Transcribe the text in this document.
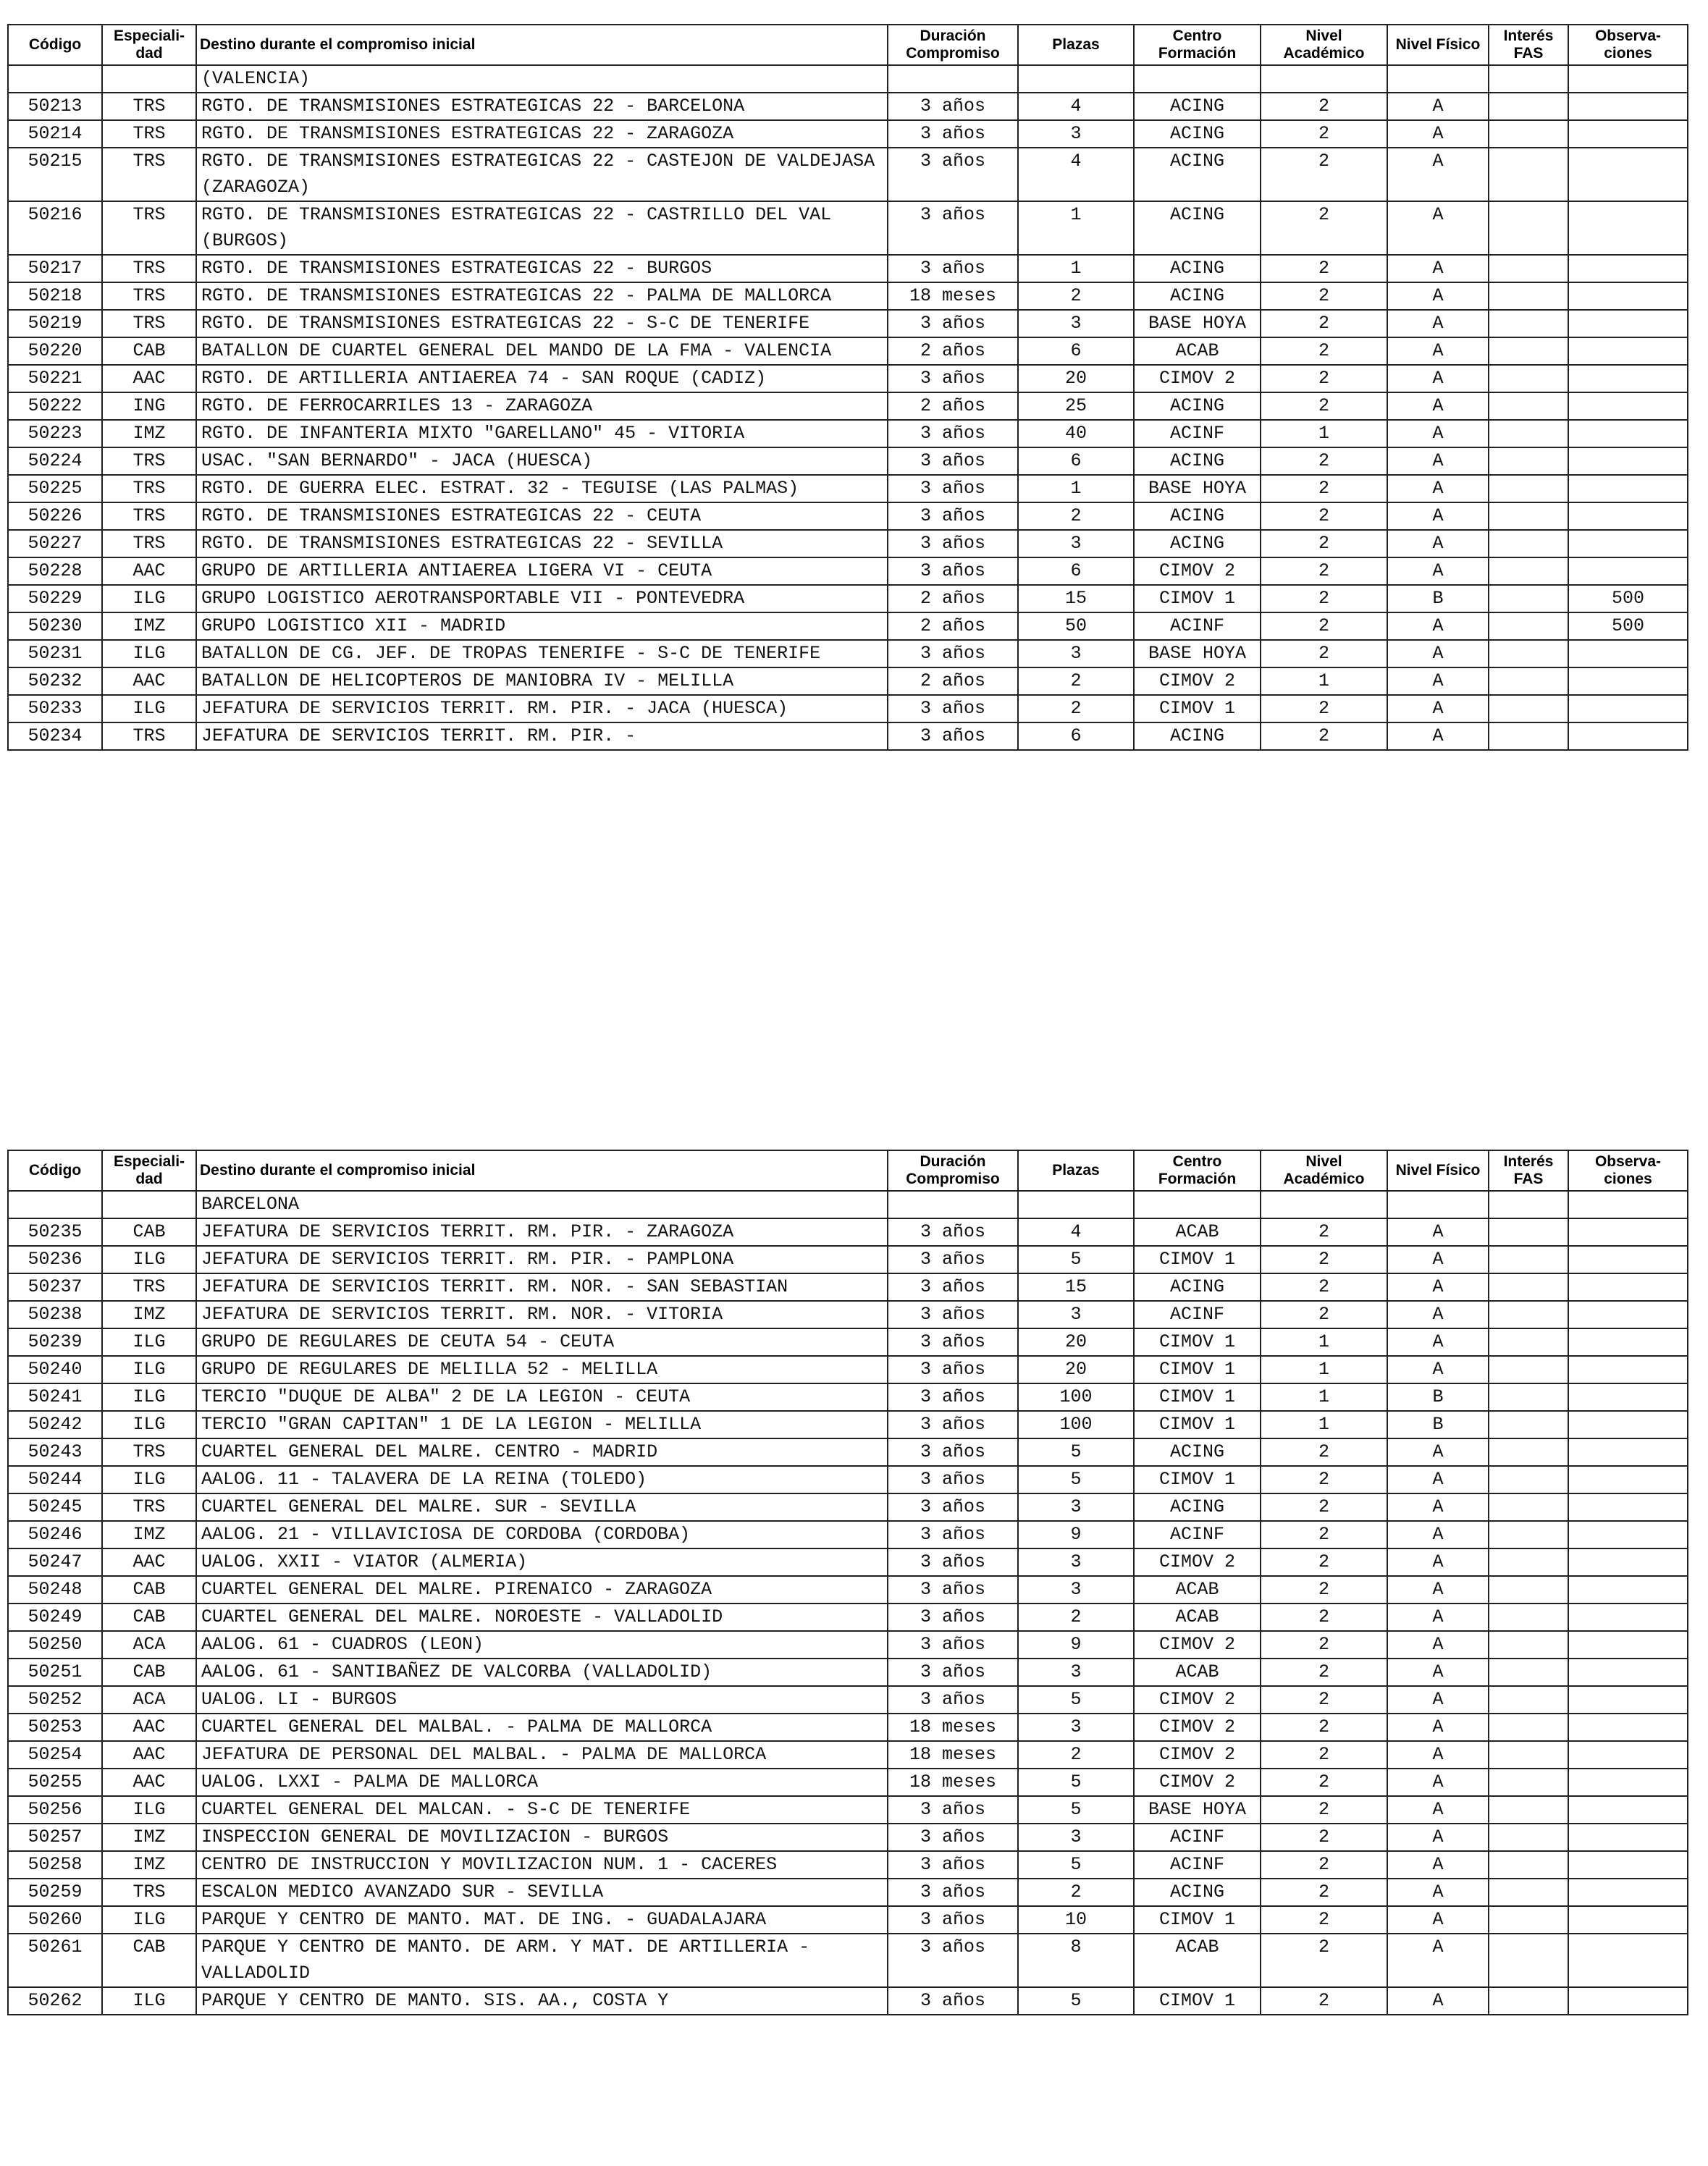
Código	Especiali-dad	Destino durante el compromiso inicial	Duración Compromiso	Plazas	Centro Formación	Nivel Académico	Nivel Físico	Interés FAS	Observa-ciones
		(VALENCIA)							
50213	TRS	RGTO. DE TRANSMISIONES ESTRATEGICAS 22 - BARCELONA	3 años	4	ACING	2	A		
50214	TRS	RGTO. DE TRANSMISIONES ESTRATEGICAS 22 - ZARAGOZA	3 años	3	ACING	2	A		
50215	TRS	RGTO. DE TRANSMISIONES ESTRATEGICAS 22 - CASTEJON DE VALDEJASA (ZARAGOZA)	3 años	4	ACING	2	A		
50216	TRS	RGTO. DE TRANSMISIONES ESTRATEGICAS 22 - CASTRILLO DEL VAL (BURGOS)	3 años	1	ACING	2	A		
50217	TRS	RGTO. DE TRANSMISIONES ESTRATEGICAS 22 - BURGOS	3 años	1	ACING	2	A		
50218	TRS	RGTO. DE TRANSMISIONES ESTRATEGICAS 22 - PALMA DE MALLORCA	18 meses	2	ACING	2	A		
50219	TRS	RGTO. DE TRANSMISIONES ESTRATEGICAS 22 - S-C DE TENERIFE	3 años	3	BASE HOYA	2	A		
50220	CAB	BATALLON DE CUARTEL GENERAL DEL MANDO DE LA FMA - VALENCIA	2 años	6	ACAB	2	A		
50221	AAC	RGTO. DE ARTILLERIA ANTIAEREA 74 - SAN ROQUE (CADIZ)	3 años	20	CIMOV 2	2	A		
50222	ING	RGTO. DE FERROCARRILES 13 - ZARAGOZA	2 años	25	ACING	2	A		
50223	IMZ	RGTO. DE INFANTERIA MIXTO "GARELLANO" 45 - VITORIA	3 años	40	ACINF	1	A		
50224	TRS	USAC. "SAN BERNARDO" - JACA (HUESCA)	3 años	6	ACING	2	A		
50225	TRS	RGTO. DE GUERRA ELEC. ESTRAT. 32 - TEGUISE (LAS PALMAS)	3 años	1	BASE HOYA	2	A		
50226	TRS	RGTO. DE TRANSMISIONES ESTRATEGICAS 22 - CEUTA	3 años	2	ACING	2	A		
50227	TRS	RGTO. DE TRANSMISIONES ESTRATEGICAS 22 - SEVILLA	3 años	3	ACING	2	A		
50228	AAC	GRUPO DE ARTILLERIA ANTIAEREA LIGERA VI - CEUTA	3 años	6	CIMOV 2	2	A		
50229	ILG	GRUPO LOGISTICO AEROTRANSPORTABLE VII - PONTEVEDRA	2 años	15	CIMOV 1	2	B		500
50230	IMZ	GRUPO LOGISTICO XII - MADRID	2 años	50	ACINF	2	A		500
50231	ILG	BATALLON DE CG. JEF. DE TROPAS TENERIFE - S-C DE TENERIFE	3 años	3	BASE HOYA	2	A		
50232	AAC	BATALLON DE HELICOPTEROS DE MANIOBRA IV - MELILLA	2 años	2	CIMOV 2	1	A		
50233	ILG	JEFATURA DE SERVICIOS TERRIT. RM. PIR. - JACA (HUESCA)	3 años	2	CIMOV 1	2	A		
50234	TRS	JEFATURA DE SERVICIOS TERRIT. RM. PIR. -	3 años	6	ACING	2	A		
Código	Especiali-dad	Destino durante el compromiso inicial	Duración Compromiso	Plazas	Centro Formación	Nivel Académico	Nivel Físico	Interés FAS	Observa-ciones
		BARCELONA							
50235	CAB	JEFATURA DE SERVICIOS TERRIT. RM. PIR. - ZARAGOZA	3 años	4	ACAB	2	A		
50236	ILG	JEFATURA DE SERVICIOS TERRIT. RM. PIR. - PAMPLONA	3 años	5	CIMOV 1	2	A		
50237	TRS	JEFATURA DE SERVICIOS TERRIT. RM. NOR. - SAN SEBASTIAN	3 años	15	ACING	2	A		
50238	IMZ	JEFATURA DE SERVICIOS TERRIT. RM. NOR. - VITORIA	3 años	3	ACINF	2	A		
50239	ILG	GRUPO DE REGULARES DE CEUTA 54 - CEUTA	3 años	20	CIMOV 1	1	A		
50240	ILG	GRUPO DE REGULARES DE MELILLA 52 - MELILLA	3 años	20	CIMOV 1	1	A		
50241	ILG	TERCIO "DUQUE DE ALBA" 2 DE LA LEGION - CEUTA	3 años	100	CIMOV 1	1	B		
50242	ILG	TERCIO "GRAN CAPITAN" 1 DE LA LEGION - MELILLA	3 años	100	CIMOV 1	1	B		
50243	TRS	CUARTEL GENERAL DEL MALRE. CENTRO - MADRID	3 años	5	ACING	2	A		
50244	ILG	AALOG. 11 - TALAVERA DE LA REINA (TOLEDO)	3 años	5	CIMOV 1	2	A		
50245	TRS	CUARTEL GENERAL DEL MALRE. SUR - SEVILLA	3 años	3	ACING	2	A		
50246	IMZ	AALOG. 21 - VILLAVICIOSA DE CORDOBA (CORDOBA)	3 años	9	ACINF	2	A		
50247	AAC	UALOG. XXII - VIATOR (ALMERIA)	3 años	3	CIMOV 2	2	A		
50248	CAB	CUARTEL GENERAL DEL MALRE. PIRENAICO - ZARAGOZA	3 años	3	ACAB	2	A		
50249	CAB	CUARTEL GENERAL DEL MALRE. NOROESTE - VALLADOLID	3 años	2	ACAB	2	A		
50250	ACA	AALOG. 61 - CUADROS (LEON)	3 años	9	CIMOV 2	2	A		
50251	CAB	AALOG. 61 - SANTIBAÑEZ DE VALCORBA (VALLADOLID)	3 años	3	ACAB	2	A		
50252	ACA	UALOG. LI - BURGOS	3 años	5	CIMOV 2	2	A		
50253	AAC	CUARTEL GENERAL DEL MALBAL. - PALMA DE MALLORCA	18 meses	3	CIMOV 2	2	A		
50254	AAC	JEFATURA DE PERSONAL DEL MALBAL. - PALMA DE MALLORCA	18 meses	2	CIMOV 2	2	A		
50255	AAC	UALOG. LXXI - PALMA DE MALLORCA	18 meses	5	CIMOV 2	2	A		
50256	ILG	CUARTEL GENERAL DEL MALCAN. - S-C DE TENERIFE	3 años	5	BASE HOYA	2	A		
50257	IMZ	INSPECCION GENERAL DE MOVILIZACION - BURGOS	3 años	3	ACINF	2	A		
50258	IMZ	CENTRO DE INSTRUCCION Y MOVILIZACION NUM. 1 - CACERES	3 años	5	ACINF	2	A		
50259	TRS	ESCALON MEDICO AVANZADO SUR - SEVILLA	3 años	2	ACING	2	A		
50260	ILG	PARQUE Y CENTRO DE MANTO. MAT. DE ING. - GUADALAJARA	3 años	10	CIMOV 1	2	A		
50261	CAB	PARQUE Y CENTRO DE MANTO. DE ARM. Y MAT. DE ARTILLERIA - VALLADOLID	3 años	8	ACAB	2	A		
50262	ILG	PARQUE Y CENTRO DE MANTO. SIS. AA., COSTA Y	3 años	5	CIMOV 1	2	A		
